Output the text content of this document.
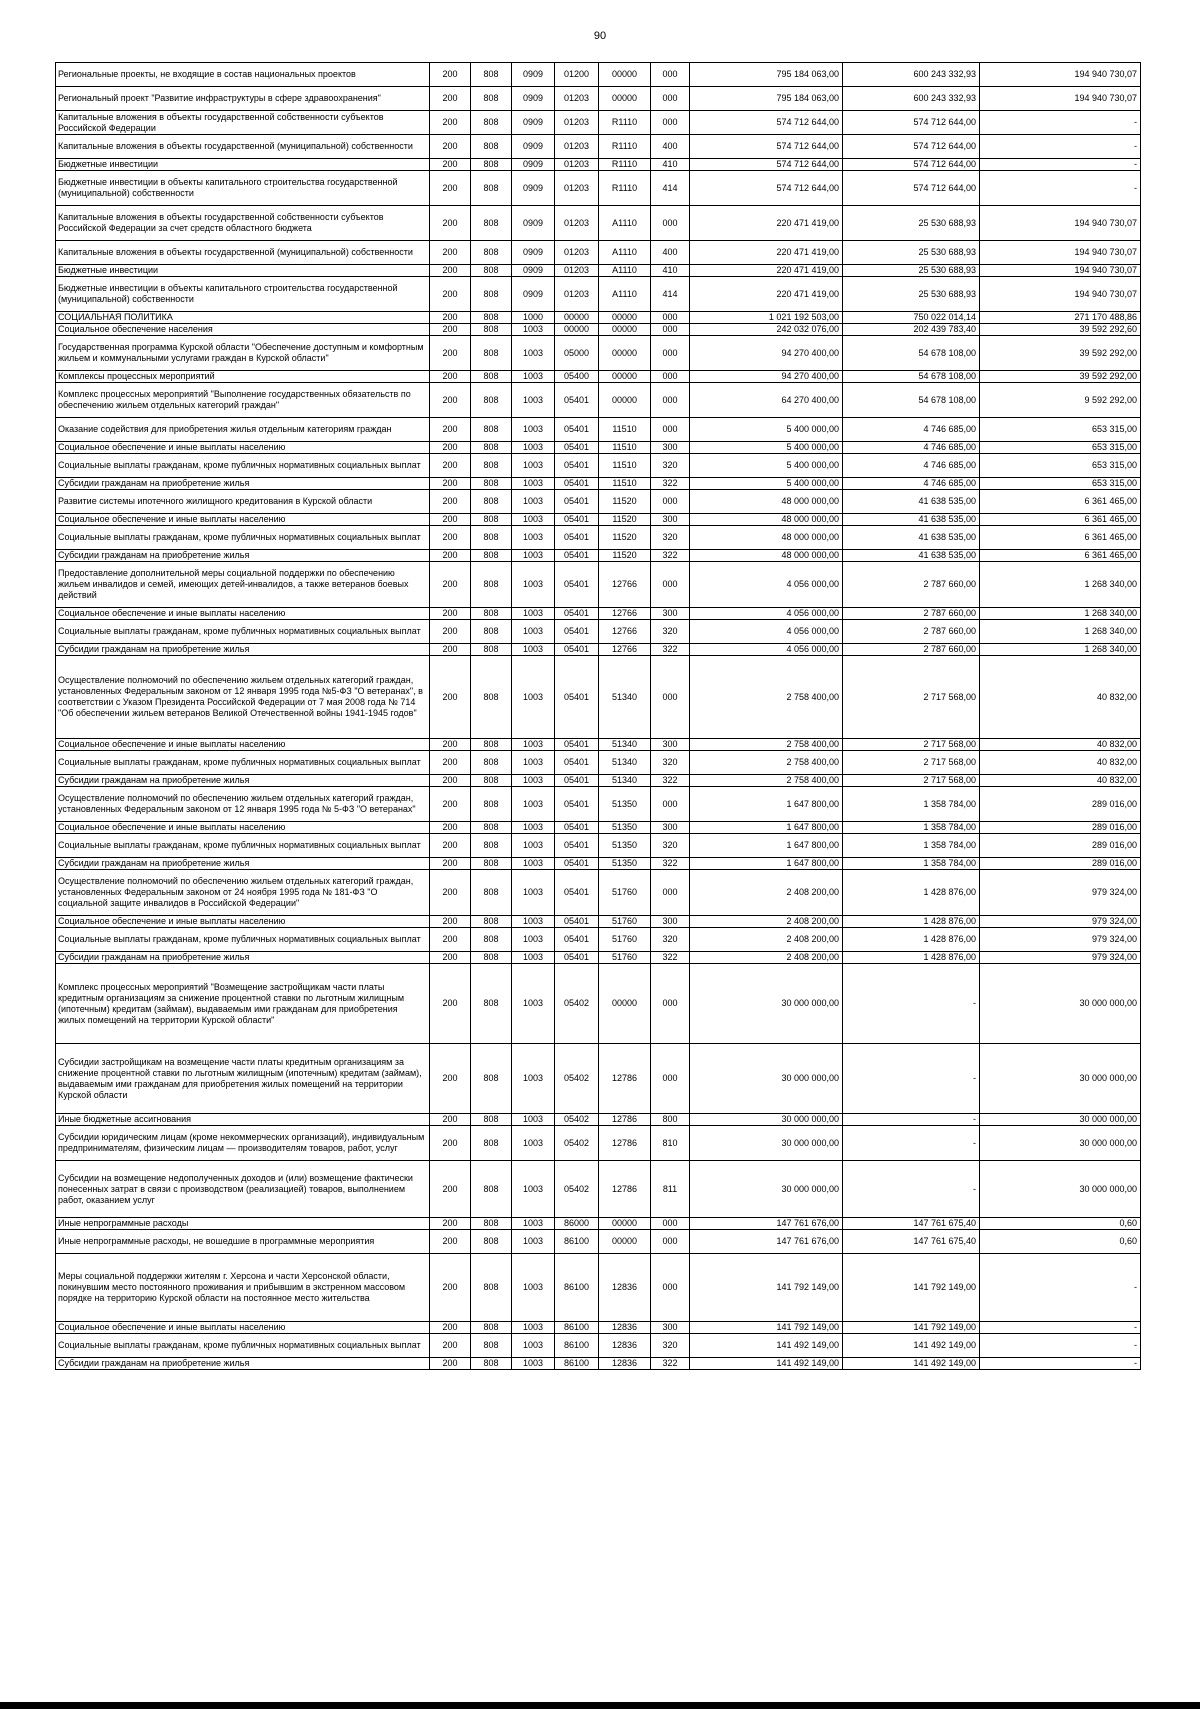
90
Региональные проекты, не входящие в состав национальных проектов	200	808	0909	01200	00000	000	795 184 063,00	600 243 332,93	194 940 730,07
Региональный проект "Развитие инфраструктуры в сфере здравоохранения"	200	808	0909	01203	00000	000	795 184 063,00	600 243 332,93	194 940 730,07
Капитальные вложения в объекты государственной собственности субъектов Российской Федерации	200	808	0909	01203	R1110	000	574 712 644,00	574 712 644,00	-
Капитальные вложения в объекты государственной (муниципальной) собственности	200	808	0909	01203	R1110	400	574 712 644,00	574 712 644,00	-
Бюджетные инвестиции	200	808	0909	01203	R1110	410	574 712 644,00	574 712 644,00	-
Бюджетные инвестиции в объекты капитального строительства государственной (муниципальной) собственности	200	808	0909	01203	R1110	414	574 712 644,00	574 712 644,00	-
Капитальные вложения в объекты государственной собственности субъектов Российской Федерации за счет средств областного бюджета	200	808	0909	01203	A1110	000	220 471 419,00	25 530 688,93	194 940 730,07
Капитальные вложения в объекты государственной (муниципальной) собственности	200	808	0909	01203	A1110	400	220 471 419,00	25 530 688,93	194 940 730,07
Бюджетные инвестиции	200	808	0909	01203	A1110	410	220 471 419,00	25 530 688,93	194 940 730,07
Бюджетные инвестиции в объекты капитального строительства государственной (муниципальной) собственности	200	808	0909	01203	A1110	414	220 471 419,00	25 530 688,93	194 940 730,07
СОЦИАЛЬНАЯ ПОЛИТИКА	200	808	1000	00000	00000	000	1 021 192 503,00	750 022 014,14	271 170 488,86
Социальное обеспечение населения	200	808	1003	00000	00000	000	242 032 076,00	202 439 783,40	39 592 292,60
Государственная программа Курской области "Обеспечение доступным и комфортным жильем и коммунальными услугами граждан в Курской области"	200	808	1003	05000	00000	000	94 270 400,00	54 678 108,00	39 592 292,00
Комплексы процессных мероприятий	200	808	1003	05400	00000	000	94 270 400,00	54 678 108,00	39 592 292,00
Комплекс процессных мероприятий "Выполнение государственных обязательств по обеспечению жильем отдельных категорий граждан"	200	808	1003	05401	00000	000	64 270 400,00	54 678 108,00	9 592 292,00
Оказание содействия для приобретения жилья отдельным категориям граждан	200	808	1003	05401	11510	000	5 400 000,00	4 746 685,00	653 315,00
Социальное обеспечение и иные выплаты населению	200	808	1003	05401	11510	300	5 400 000,00	4 746 685,00	653 315,00
Социальные выплаты гражданам, кроме публичных нормативных социальных выплат	200	808	1003	05401	11510	320	5 400 000,00	4 746 685,00	653 315,00
Субсидии гражданам на приобретение жилья	200	808	1003	05401	11510	322	5 400 000,00	4 746 685,00	653 315,00
Развитие системы ипотечного жилищного кредитования в Курской области	200	808	1003	05401	11520	000	48 000 000,00	41 638 535,00	6 361 465,00
Социальное обеспечение и иные выплаты населению	200	808	1003	05401	11520	300	48 000 000,00	41 638 535,00	6 361 465,00
Социальные выплаты гражданам, кроме публичных нормативных социальных выплат	200	808	1003	05401	11520	320	48 000 000,00	41 638 535,00	6 361 465,00
Субсидии гражданам на приобретение жилья	200	808	1003	05401	11520	322	48 000 000,00	41 638 535,00	6 361 465,00
Предоставление дополнительной меры социальной поддержки по обеспечению жильем инвалидов и семей, имеющих детей-инвалидов, а также ветеранов боевых действий	200	808	1003	05401	12766	000	4 056 000,00	2 787 660,00	1 268 340,00
Социальное обеспечение и иные выплаты населению	200	808	1003	05401	12766	300	4 056 000,00	2 787 660,00	1 268 340,00
Социальные выплаты гражданам, кроме публичных нормативных социальных выплат	200	808	1003	05401	12766	320	4 056 000,00	2 787 660,00	1 268 340,00
Субсидии гражданам на приобретение жилья	200	808	1003	05401	12766	322	4 056 000,00	2 787 660,00	1 268 340,00
Осуществление полномочий по обеспечению жильем отдельных категорий граждан, установленных Федеральным законом от 12 января 1995 года №5-ФЗ "О ветеранах", в соответствии с Указом Президента Российской Федерации от 7 мая 2008 года № 714 "Об обеспечении жильем ветеранов Великой Отечественной войны 1941-1945 годов"	200	808	1003	05401	51340	000	2 758 400,00	2 717 568,00	40 832,00
Социальное обеспечение и иные выплаты населению	200	808	1003	05401	51340	300	2 758 400,00	2 717 568,00	40 832,00
Социальные выплаты гражданам, кроме публичных нормативных социальных выплат	200	808	1003	05401	51340	320	2 758 400,00	2 717 568,00	40 832,00
Субсидии гражданам на приобретение жилья	200	808	1003	05401	51340	322	2 758 400,00	2 717 568,00	40 832,00
Осуществление полномочий по обеспечению жильем отдельных категорий граждан, установленных Федеральным законом от 12 января 1995 года № 5-ФЗ "О ветеранах"	200	808	1003	05401	51350	000	1 647 800,00	1 358 784,00	289 016,00
Социальное обеспечение и иные выплаты населению	200	808	1003	05401	51350	300	1 647 800,00	1 358 784,00	289 016,00
Социальные выплаты гражданам, кроме публичных нормативных социальных выплат	200	808	1003	05401	51350	320	1 647 800,00	1 358 784,00	289 016,00
Субсидии гражданам на приобретение жилья	200	808	1003	05401	51350	322	1 647 800,00	1 358 784,00	289 016,00
Осуществление полномочий по обеспечению жильем отдельных категорий граждан, установленных Федеральным законом от 24 ноября 1995 года № 181-ФЗ "О социальной защите инвалидов в Российской Федерации"	200	808	1003	05401	51760	000	2 408 200,00	1 428 876,00	979 324,00
Социальное обеспечение и иные выплаты населению	200	808	1003	05401	51760	300	2 408 200,00	1 428 876,00	979 324,00
Социальные выплаты гражданам, кроме публичных нормативных социальных выплат	200	808	1003	05401	51760	320	2 408 200,00	1 428 876,00	979 324,00
Субсидии гражданам на приобретение жилья	200	808	1003	05401	51760	322	2 408 200,00	1 428 876,00	979 324,00
Комплекс процессных мероприятий "Возмещение застройщикам части платы кредитным организациям за снижение процентной ставки по льготным жилищным (ипотечным) кредитам (займам), выдаваемым ими гражданам для приобретения жилых помещений на территории Курской области"	200	808	1003	05402	00000	000	30 000 000,00	-	30 000 000,00
Субсидии застройщикам на возмещение части платы кредитным организациям за снижение процентной ставки по льготным жилищным (ипотечным) кредитам (займам), выдаваемым ими гражданам для приобретения жилых помещений на территории Курской области	200	808	1003	05402	12786	000	30 000 000,00	-	30 000 000,00
Иные бюджетные ассигнования	200	808	1003	05402	12786	800	30 000 000,00	-	30 000 000,00
Субсидии юридическим лицам (кроме некоммерческих организаций), индивидуальным предпринимателям, физическим лицам — производителям товаров, работ, услуг	200	808	1003	05402	12786	810	30 000 000,00	-	30 000 000,00
Субсидии на возмещение недополученных доходов и (или) возмещение фактически понесенных затрат в связи с производством (реализацией) товаров, выполнением работ, оказанием услуг	200	808	1003	05402	12786	811	30 000 000,00	-	30 000 000,00
Иные непрограммные расходы	200	808	1003	86000	00000	000	147 761 676,00	147 761 675,40	0,60
Иные непрограммные расходы, не вошедшие в программные мероприятия	200	808	1003	86100	00000	000	147 761 676,00	147 761 675,40	0,60
Меры социальной поддержки жителям г. Херсона и части Херсонской области, покинувшим место постоянного проживания и прибывшим в экстренном массовом порядке на территорию Курской области на постоянное место жительства	200	808	1003	86100	12836	000	141 792 149,00	141 792 149,00	-
Социальное обеспечение и иные выплаты населению	200	808	1003	86100	12836	300	141 792 149,00	141 792 149,00	-
Социальные выплаты гражданам, кроме публичных нормативных социальных выплат	200	808	1003	86100	12836	320	141 492 149,00	141 492 149,00	-
Субсидии гражданам на приобретение жилья	200	808	1003	86100	12836	322	141 492 149,00	141 492 149,00	-
